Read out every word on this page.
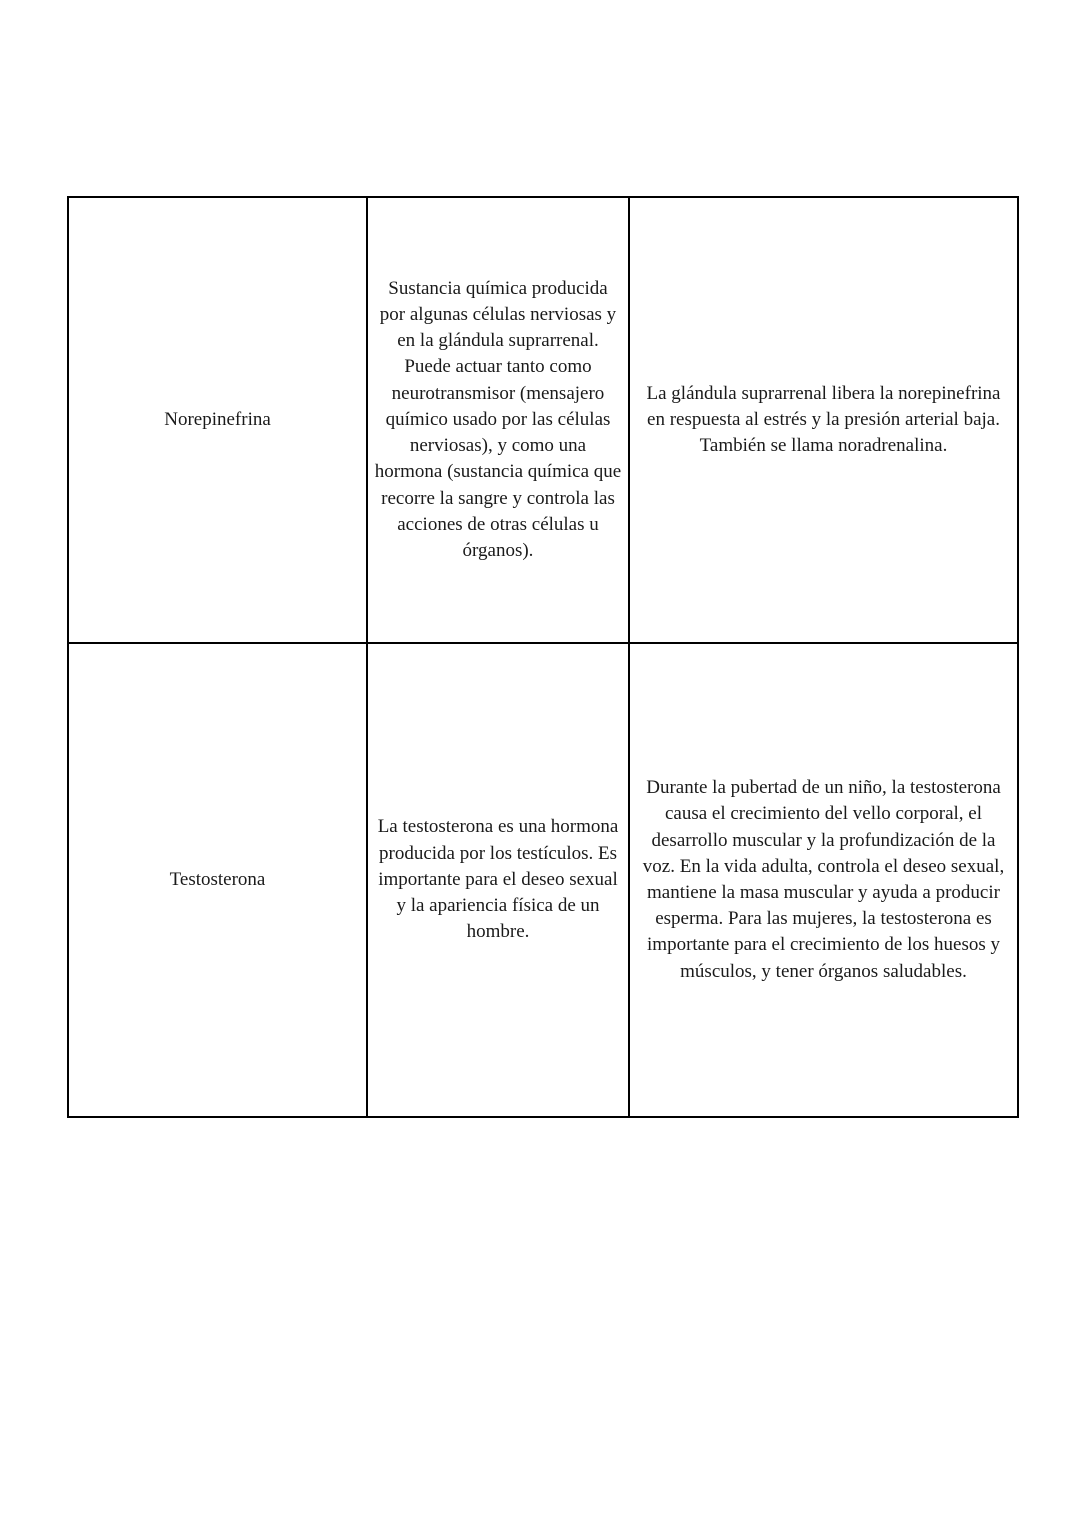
Norepinefrina	Sustancia química producida por algunas células nerviosas y en la glándula suprarrenal. Puede actuar tanto como neurotransmisor (mensajero químico usado por las células nerviosas), y como una hormona (sustancia química que recorre la sangre y controla las acciones de otras células u órganos).	La glándula suprarrenal libera la norepinefrina en respuesta al estrés y la presión arterial baja. También se llama noradrenalina.
Testosterona	La testosterona es una hormona producida por los testículos. Es importante para el deseo sexual y la apariencia física de un hombre.	Durante la pubertad de un niño, la testosterona causa el crecimiento del vello corporal, el desarrollo muscular y la profundización de la voz. En la vida adulta, controla el deseo sexual, mantiene la masa muscular y ayuda a producir esperma. Para las mujeres, la testosterona es importante para el crecimiento de los huesos y músculos, y tener órganos saludables.
